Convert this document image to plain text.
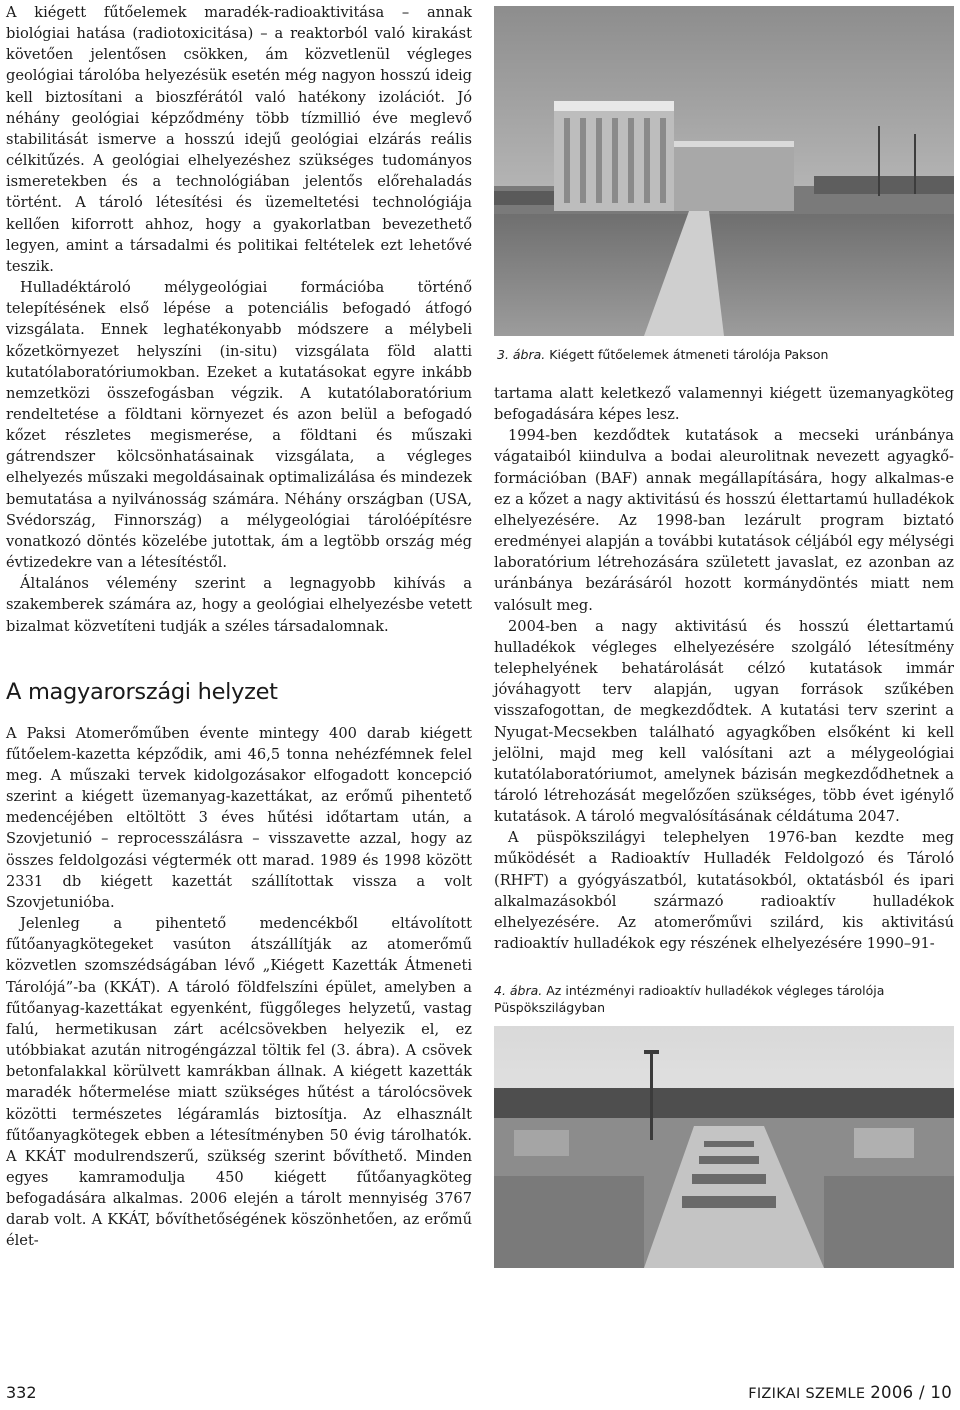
A kiégett fűtőelemek maradék-radioaktivitása – annak biológiai hatása (radiotoxicitása) – a reaktorból való kirakást követően jelentősen csökken, ám közvetlenül végleges geológiai tárolóba helyezésük esetén még nagyon hosszú ideig kell biztosítani a bioszférától való hatékony izolációt. Jó néhány geológiai képződmény több tízmillió éve meglevő stabilitását ismerve a hosszú idejű geológiai elzárás reális célkitűzés. A geológiai elhelyezéshez szükséges tudományos ismeretekben és a technológiában jelentős előrehaladás történt. A tároló létesítési és üzemeltetési technológiája kellően kiforrott ahhoz, hogy a gyakorlatban bevezethető legyen, amint a társadalmi és politikai feltételek ezt lehetővé teszik.

Hulladéktároló mélygeológiai formációba történő telepítésének első lépése a potenciális befogadó átfogó vizsgálata. Ennek leghatékonyabb módszere a mélybeli kőzetkörnyezet helyszíni (in-situ) vizsgálata föld alatti kutatólaboratóriumokban. Ezeket a kutatásokat egyre inkább nemzetközi összefogásban végzik. A kutatólaboratórium rendeltetése a földtani környezet és azon belül a befogadó kőzet részletes megismerése, a földtani és műszaki gátrendszer kölcsönhatásainak vizsgálata, a végleges elhelyezés műszaki megoldásainak optimalizálása és mindezek bemutatása a nyilvánosság számára. Néhány országban (USA, Svédország, Finnország) a mélygeológiai tárolóépítésre vonatkozó döntés közelébe jutottak, ám a legtöbb ország még évtizedekre van a létesítéstől.

Általános vélemény szerint a legnagyobb kihívás a szakemberek számára az, hogy a geológiai elhelyezésbe vetett bizalmat közvetíteni tudják a széles társadalomnak.

A magyarországi helyzet

A Paksi Atomerőműben évente mintegy 400 darab kiégett fűtőelem-kazetta képződik, ami 46,5 tonna nehézfémnek felel meg. A műszaki tervek kidolgozásakor elfogadott koncepció szerint a kiégett üzemanyag-kazettákat, az erőmű pihentető medencéjében eltöltött 3 éves hűtési időtartam után, a Szovjetunió – reprocesszálásra – visszavette azzal, hogy az összes feldolgozási végtermék ott marad. 1989 és 1998 között 2331 db kiégett kazettát szállítottak vissza a volt Szovjetunióba.

Jelenleg a pihentető medencékből eltávolított fűtőanyagkötegeket vasúton átszállítják az atomerőmű közvetlen szomszédságában lévő „Kiégett Kazetták Átmeneti Tárolójá”-ba (KKÁT). A tároló földfelszíni épület, amelyben a fűtőanyag-kazettákat egyenként, függőleges helyzetű, vastag falú, hermetikusan zárt acélcsövekben helyezik el, ez utóbbiakat azután nitrogéngázzal töltik fel (3. ábra). A csövek betonfalakkal körülvett kamrákban állnak. A kiégett kazetták maradék hőtermelése miatt szükséges hűtést a tárolócsövek közötti természetes légáramlás biztosítja. Az elhasznált fűtőanyagkötegek ebben a létesítményben 50 évig tárolhatók. A KKÁT modulrendszerű, szükség szerint bővíthető. Minden egyes kamramodulja 450 kiégett fűtőanyagköteg befogadására alkalmas. 2006 elején a tárolt mennyiség 3767 darab volt. A KKÁT, bővíthetőségének köszönhetően, az erőmű élet-

3. ábra. Kiégett fűtőelemek átmeneti tárolója Pakson

tartama alatt keletkező valamennyi kiégett üzemanyagköteg befogadására képes lesz.

1994-ben kezdődtek kutatások a mecseki uránbánya vágataiból kiindulva a bodai aleurolitnak nevezett agyagkő-formációban (BAF) annak megállapítására, hogy alkalmas-e ez a kőzet a nagy aktivitású és hosszú élettartamú hulladékok elhelyezésére. Az 1998-ban lezárult program biztató eredményei alapján a további kutatások céljából egy mélységi laboratórium létrehozására született javaslat, ez azonban az uránbánya bezárásáról hozott kormánydöntés miatt nem valósult meg.

2004-ben a nagy aktivitású és hosszú élettartamú hulladékok végleges elhelyezésére szolgáló létesítmény telephelyének behatárolását célzó kutatások immár jóváhagyott terv alapján, ugyan források szűkében visszafogottan, de megkezdődtek. A kutatási terv szerint a Nyugat-Mecsekben található agyagkőben elsőként ki kell jelölni, majd meg kell valósítani azt a mélygeológiai kutatólaboratóriumot, amelynek bázisán megkezdődhetnek a tároló létrehozását megelőzően szükséges, több évet igénylő kutatások. A tároló megvalósításának céldátuma 2047.

A püspökszilágyi telephelyen 1976-ban kezdte meg működését a Radioaktív Hulladék Feldolgozó és Tároló (RHFT) a gyógyászatból, kutatásokból, oktatásból és ipari alkalmazásokból származó radioaktív hulladékok elhelyezésére. Az atomerőművi szilárd, kis aktivitású radioaktív hulladékok egy részének elhelyezésére 1990–91-

4. ábra. Az intézményi radioaktív hulladékok végleges tárolója Püspökszilágyban

332	FIZIKAI SZEMLE 2006 / 10
